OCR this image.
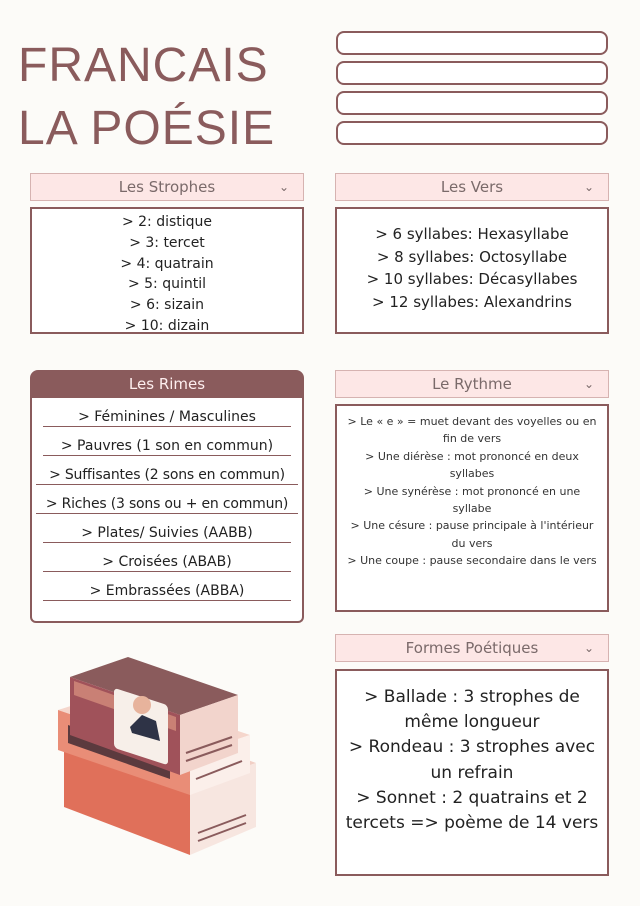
FRANCAIS
LA POÉSIE
Les Strophes	⌄
> 2: distique
> 3: tercet
> 4: quatrain
> 5: quintil
> 6: sizain
> 10: dizain
Les Vers	⌄
> 6 syllabes: Hexasyllabe
> 8 syllabes: Octosyllabe
> 10 syllabes: Décasyllabes
> 12 syllabes: Alexandrins
Les Rimes
> Féminines / Masculines
> Pauvres (1 son en commun)
> Suffisantes (2 sons en commun)
> Riches (3 sons ou + en commun)
> Plates/ Suivies (AABB)
> Croisées (ABAB)
> Embrassées (ABBA)
Le Rythme	⌄
> Le « e » = muet devant des voyelles ou en fin de vers
> Une diérèse : mot prononcé en deux syllabes
> Une synérèse : mot prononcé en une syllabe
> Une césure : pause principale à l'intérieur du vers
> Une coupe : pause secondaire dans le vers
Formes Poétiques	⌄
> Ballade : 3 strophes de même longueur
> Rondeau : 3 strophes avec un refrain
> Sonnet : 2 quatrains et 2 tercets => poème de 14 vers
